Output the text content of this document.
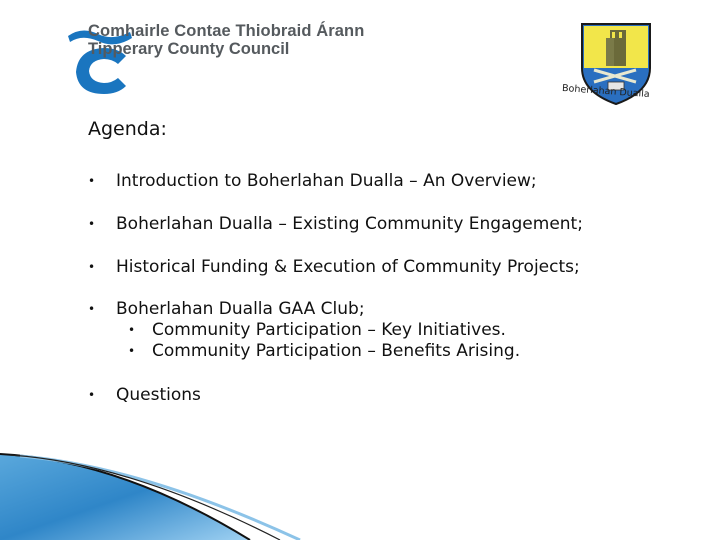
Comhairle Contae Thiobraid Árann
Tipperary County Council
Boherlahan Dualla
Agenda:
• Introduction to Boherlahan Dualla – An Overview;
• Boherlahan Dualla – Existing Community Engagement;
• Historical Funding & Execution of Community Projects;
• Boherlahan Dualla GAA Club;
• Community Participation – Key Initiatives.
• Community Participation – Benefits Arising.
• Questions
